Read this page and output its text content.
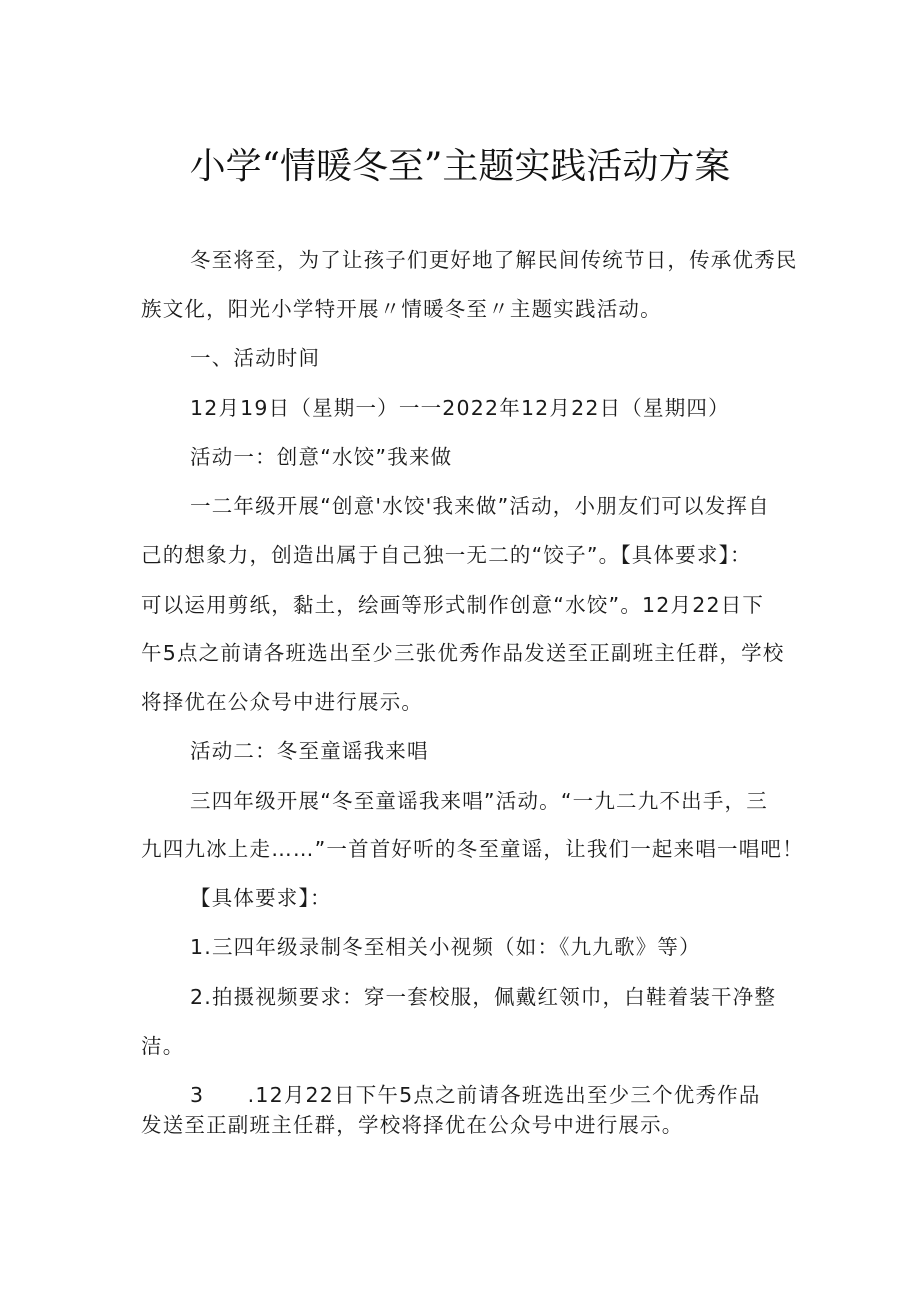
小学“情暖冬至”主题实践活动方案
冬至将至，为了让孩子们更好地了解民间传统节日，传承优秀民
族文化，阳光小学特开展〃情暖冬至〃主题实践活动。
一、活动时间
12月19日（星期一）一一2022年12月22日（星期四）
活动一：创意“水饺”我来做
一二年级开展“创意'水饺'我来做”活动，小朋友们可以发挥自
己的想象力，创造出属于自己独一无二的“饺子”。【具体要求】：
可以运用剪纸，黏土，绘画等形式制作创意“水饺”。12月22日下
午5点之前请各班选出至少三张优秀作品发送至正副班主任群，学校
将择优在公众号中进行展示。
活动二：冬至童谣我来唱
三四年级开展“冬至童谣我来唱”活动。“一九二九不出手，三
九四九冰上走……”一首首好听的冬至童谣，让我们一起来唱一唱吧！
【具体要求】：
1.三四年级录制冬至相关小视频（如：《九九歌》等）
2.拍摄视频要求：穿一套校服，佩戴红领巾，白鞋着装干净整
洁。
3　　.12月22日下午5点之前请各班选出至少三个优秀作品
发送至正副班主任群，学校将择优在公众号中进行展示。
